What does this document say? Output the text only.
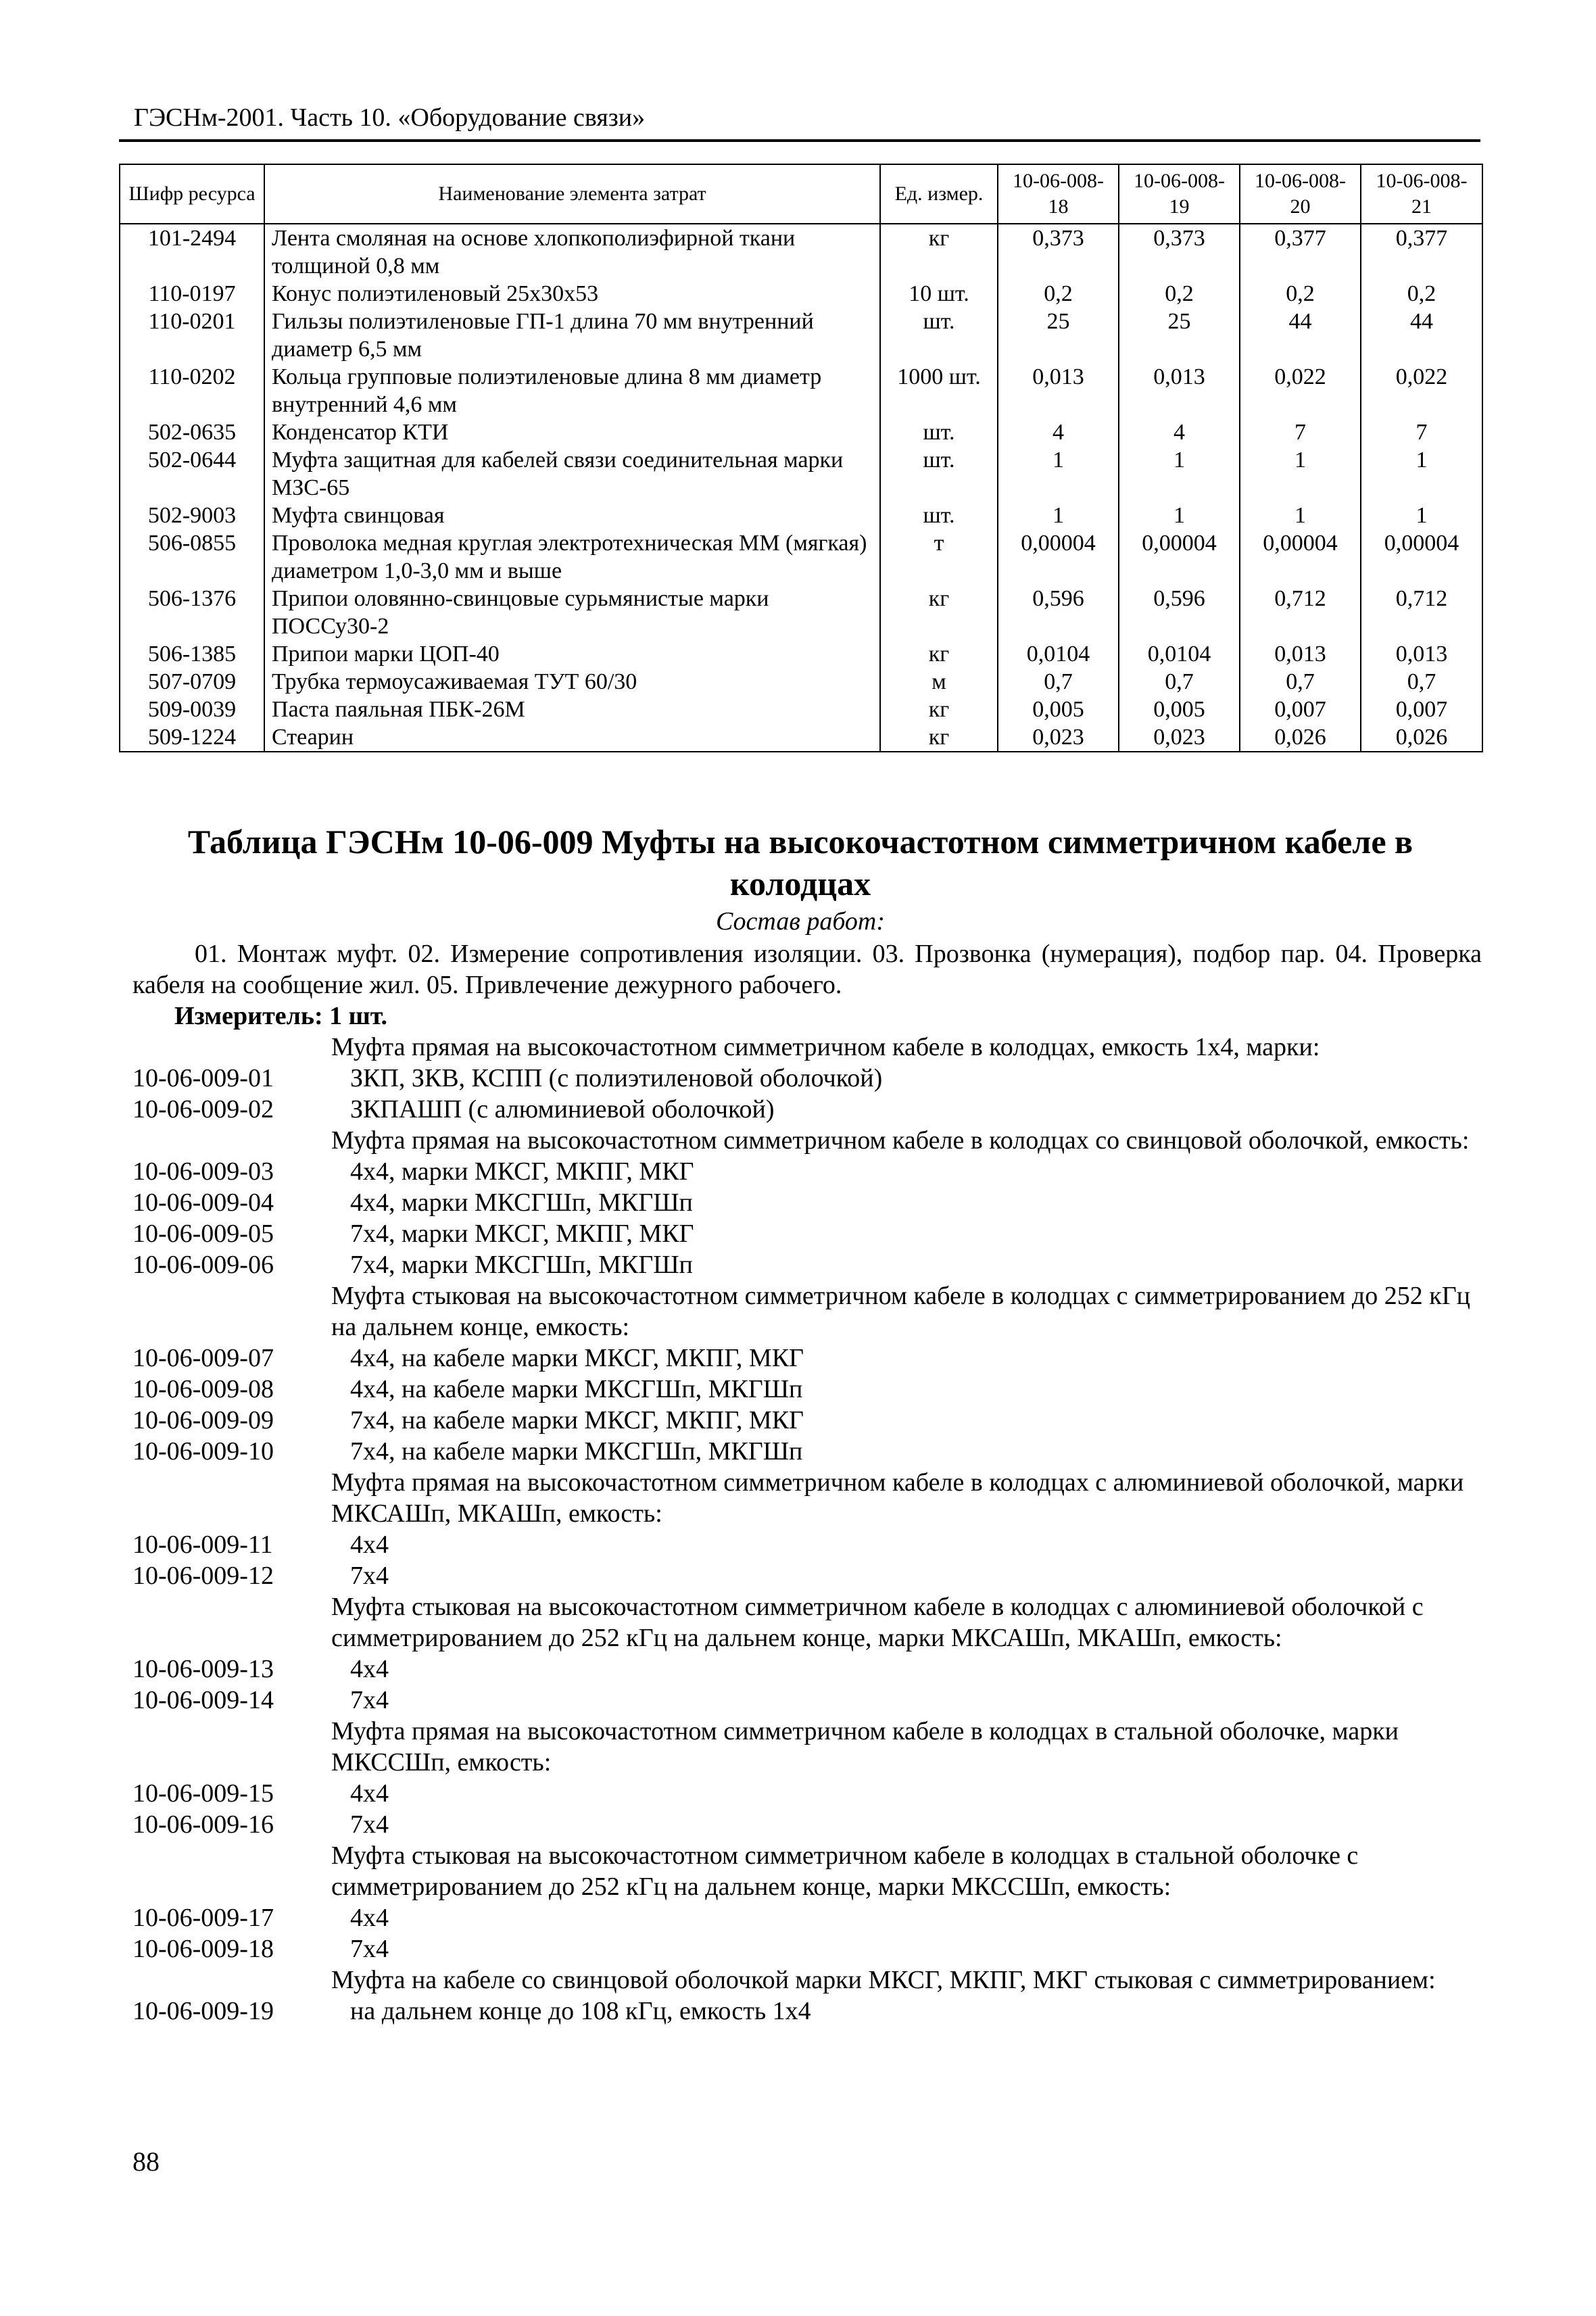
ГЭСНм-2001. Часть 10. «Оборудование связи»
Шифр ресурса	Наименование элемента затрат	Ед. измер.	10-06-008-18	10-06-008-19	10-06-008-20	10-06-008-21
101-2494	Лента смоляная на основе хлопкополиэфирной ткани толщиной 0,8 мм	кг	0,373	0,373	0,377	0,377
110-0197	Конус полиэтиленовый 25х30х53	10 шт.	0,2	0,2	0,2	0,2
110-0201	Гильзы полиэтиленовые ГП-1 длина 70 мм внутренний диаметр 6,5 мм	шт.	25	25	44	44
110-0202	Кольца групповые полиэтиленовые длина 8 мм диаметр внутренний 4,6 мм	1000 шт.	0,013	0,013	0,022	0,022
502-0635	Конденсатор КТИ	шт.	4	4	7	7
502-0644	Муфта защитная для кабелей связи соединительная марки МЗС-65	шт.	1	1	1	1
502-9003	Муфта свинцовая	шт.	1	1	1	1
506-0855	Проволока медная круглая электротехническая ММ (мягкая) диаметром 1,0-3,0 мм и выше	т	0,00004	0,00004	0,00004	0,00004
506-1376	Припои оловянно-свинцовые сурьмянистые марки ПОССу30-2	кг	0,596	0,596	0,712	0,712
506-1385	Припои марки ЦОП-40	кг	0,0104	0,0104	0,013	0,013
507-0709	Трубка термоусаживаемая ТУТ 60/30	м	0,7	0,7	0,7	0,7
509-0039	Паста паяльная ПБК-26М	кг	0,005	0,005	0,007	0,007
509-1224	Стеарин	кг	0,023	0,023	0,026	0,026
Таблица ГЭСНм 10-06-009 Муфты на высокочастотном симметричном кабеле в колодцах
Состав работ:
01. Монтаж муфт. 02. Измерение сопротивления изоляции. 03. Прозвонка (нумерация), подбор пар. 04. Проверка кабеля на сообщение жил. 05. Привлечение дежурного рабочего.
Измеритель: 1 шт.
Муфта прямая на высокочастотном симметричном кабеле в колодцах, емкость 1х4, марки:
10-06-009-01	ЗКП, ЗКВ, КСПП (с полиэтиленовой оболочкой)
10-06-009-02	ЗКПАШП (с алюминиевой оболочкой)
Муфта прямая на высокочастотном симметричном кабеле в колодцах со свинцовой оболочкой, емкость:
10-06-009-03	4х4, марки МКСГ, МКПГ, МКГ
10-06-009-04	4х4, марки МКСГШп, МКГШп
10-06-009-05	7х4, марки МКСГ, МКПГ, МКГ
10-06-009-06	7х4, марки МКСГШп, МКГШп
Муфта стыковая на высокочастотном симметричном кабеле в колодцах с симметрированием до 252 кГц на дальнем конце, емкость:
10-06-009-07	4х4, на кабеле марки МКСГ, МКПГ, МКГ
10-06-009-08	4х4, на кабеле марки МКСГШп, МКГШп
10-06-009-09	7х4, на кабеле марки МКСГ, МКПГ, МКГ
10-06-009-10	7х4, на кабеле марки МКСГШп, МКГШп
Муфта прямая на высокочастотном симметричном кабеле в колодцах с алюминиевой оболочкой, марки МКСАШп, МКАШп, емкость:
10-06-009-11	4х4
10-06-009-12	7х4
Муфта стыковая на высокочастотном симметричном кабеле в колодцах с алюминиевой оболочкой с симметрированием до 252 кГц на дальнем конце, марки МКСАШп, МКАШп, емкость:
10-06-009-13	4х4
10-06-009-14	7х4
Муфта прямая на высокочастотном симметричном кабеле в колодцах в стальной оболочке, марки МКССШп, емкость:
10-06-009-15	4х4
10-06-009-16	7х4
Муфта стыковая на высокочастотном симметричном кабеле в колодцах в стальной оболочке с симметрированием до 252 кГц на дальнем конце, марки МКССШп, емкость:
10-06-009-17	4х4
10-06-009-18	7х4
Муфта на кабеле со свинцовой оболочкой марки МКСГ, МКПГ, МКГ стыковая с симметрированием:
10-06-009-19	на дальнем конце до 108 кГц, емкость 1х4
88
